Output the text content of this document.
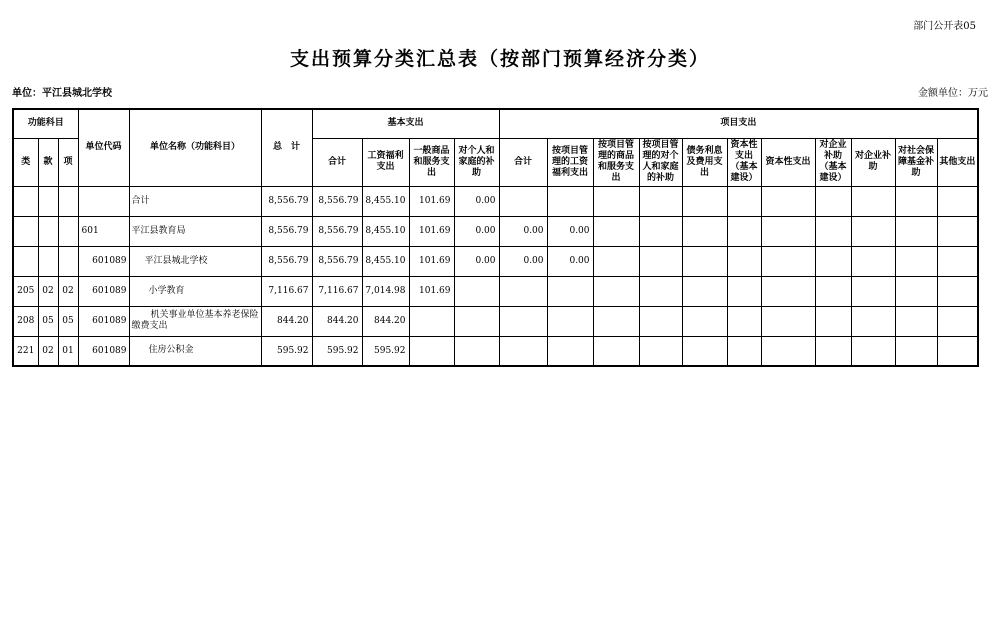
部门公开表05
支出预算分类汇总表（按部门预算经济分类）
单位：平江县城北学校	金额单位：万元
功能科目			单位代码	单位名称（功能科目）	总　计	基本支出				项目支出										
类	款	项				合计	工资福利支出	一般商品和服务支出	对个人和家庭的补助	合计	按项目管理的工资福利支出	按项目管理的商品和服务支出	按项目管理的对个人和家庭的补助	债务利息及费用支出	资本性支出（基本建设）	资本性支出	对企业补助（基本建设）	对企业补助	对社会保障基金补助	其他支出
				合计	8,556.79	8,556.79	8,455.10	101.69	0.00											
			601	平江县教育局	8,556.79	8,556.79	8,455.10	101.69	0.00	0.00	0.00									
			601089	平江县城北学校	8,556.79	8,556.79	8,455.10	101.69	0.00	0.00	0.00									
205	02	02	601089	小学教育	7,116.67	7,116.67	7,014.98	101.69												
208	05	05	601089	机关事业单位基本养老保险缴费支出	844.20	844.20	844.20													
221	02	01	601089	住房公积金	595.92	595.92	595.92													
